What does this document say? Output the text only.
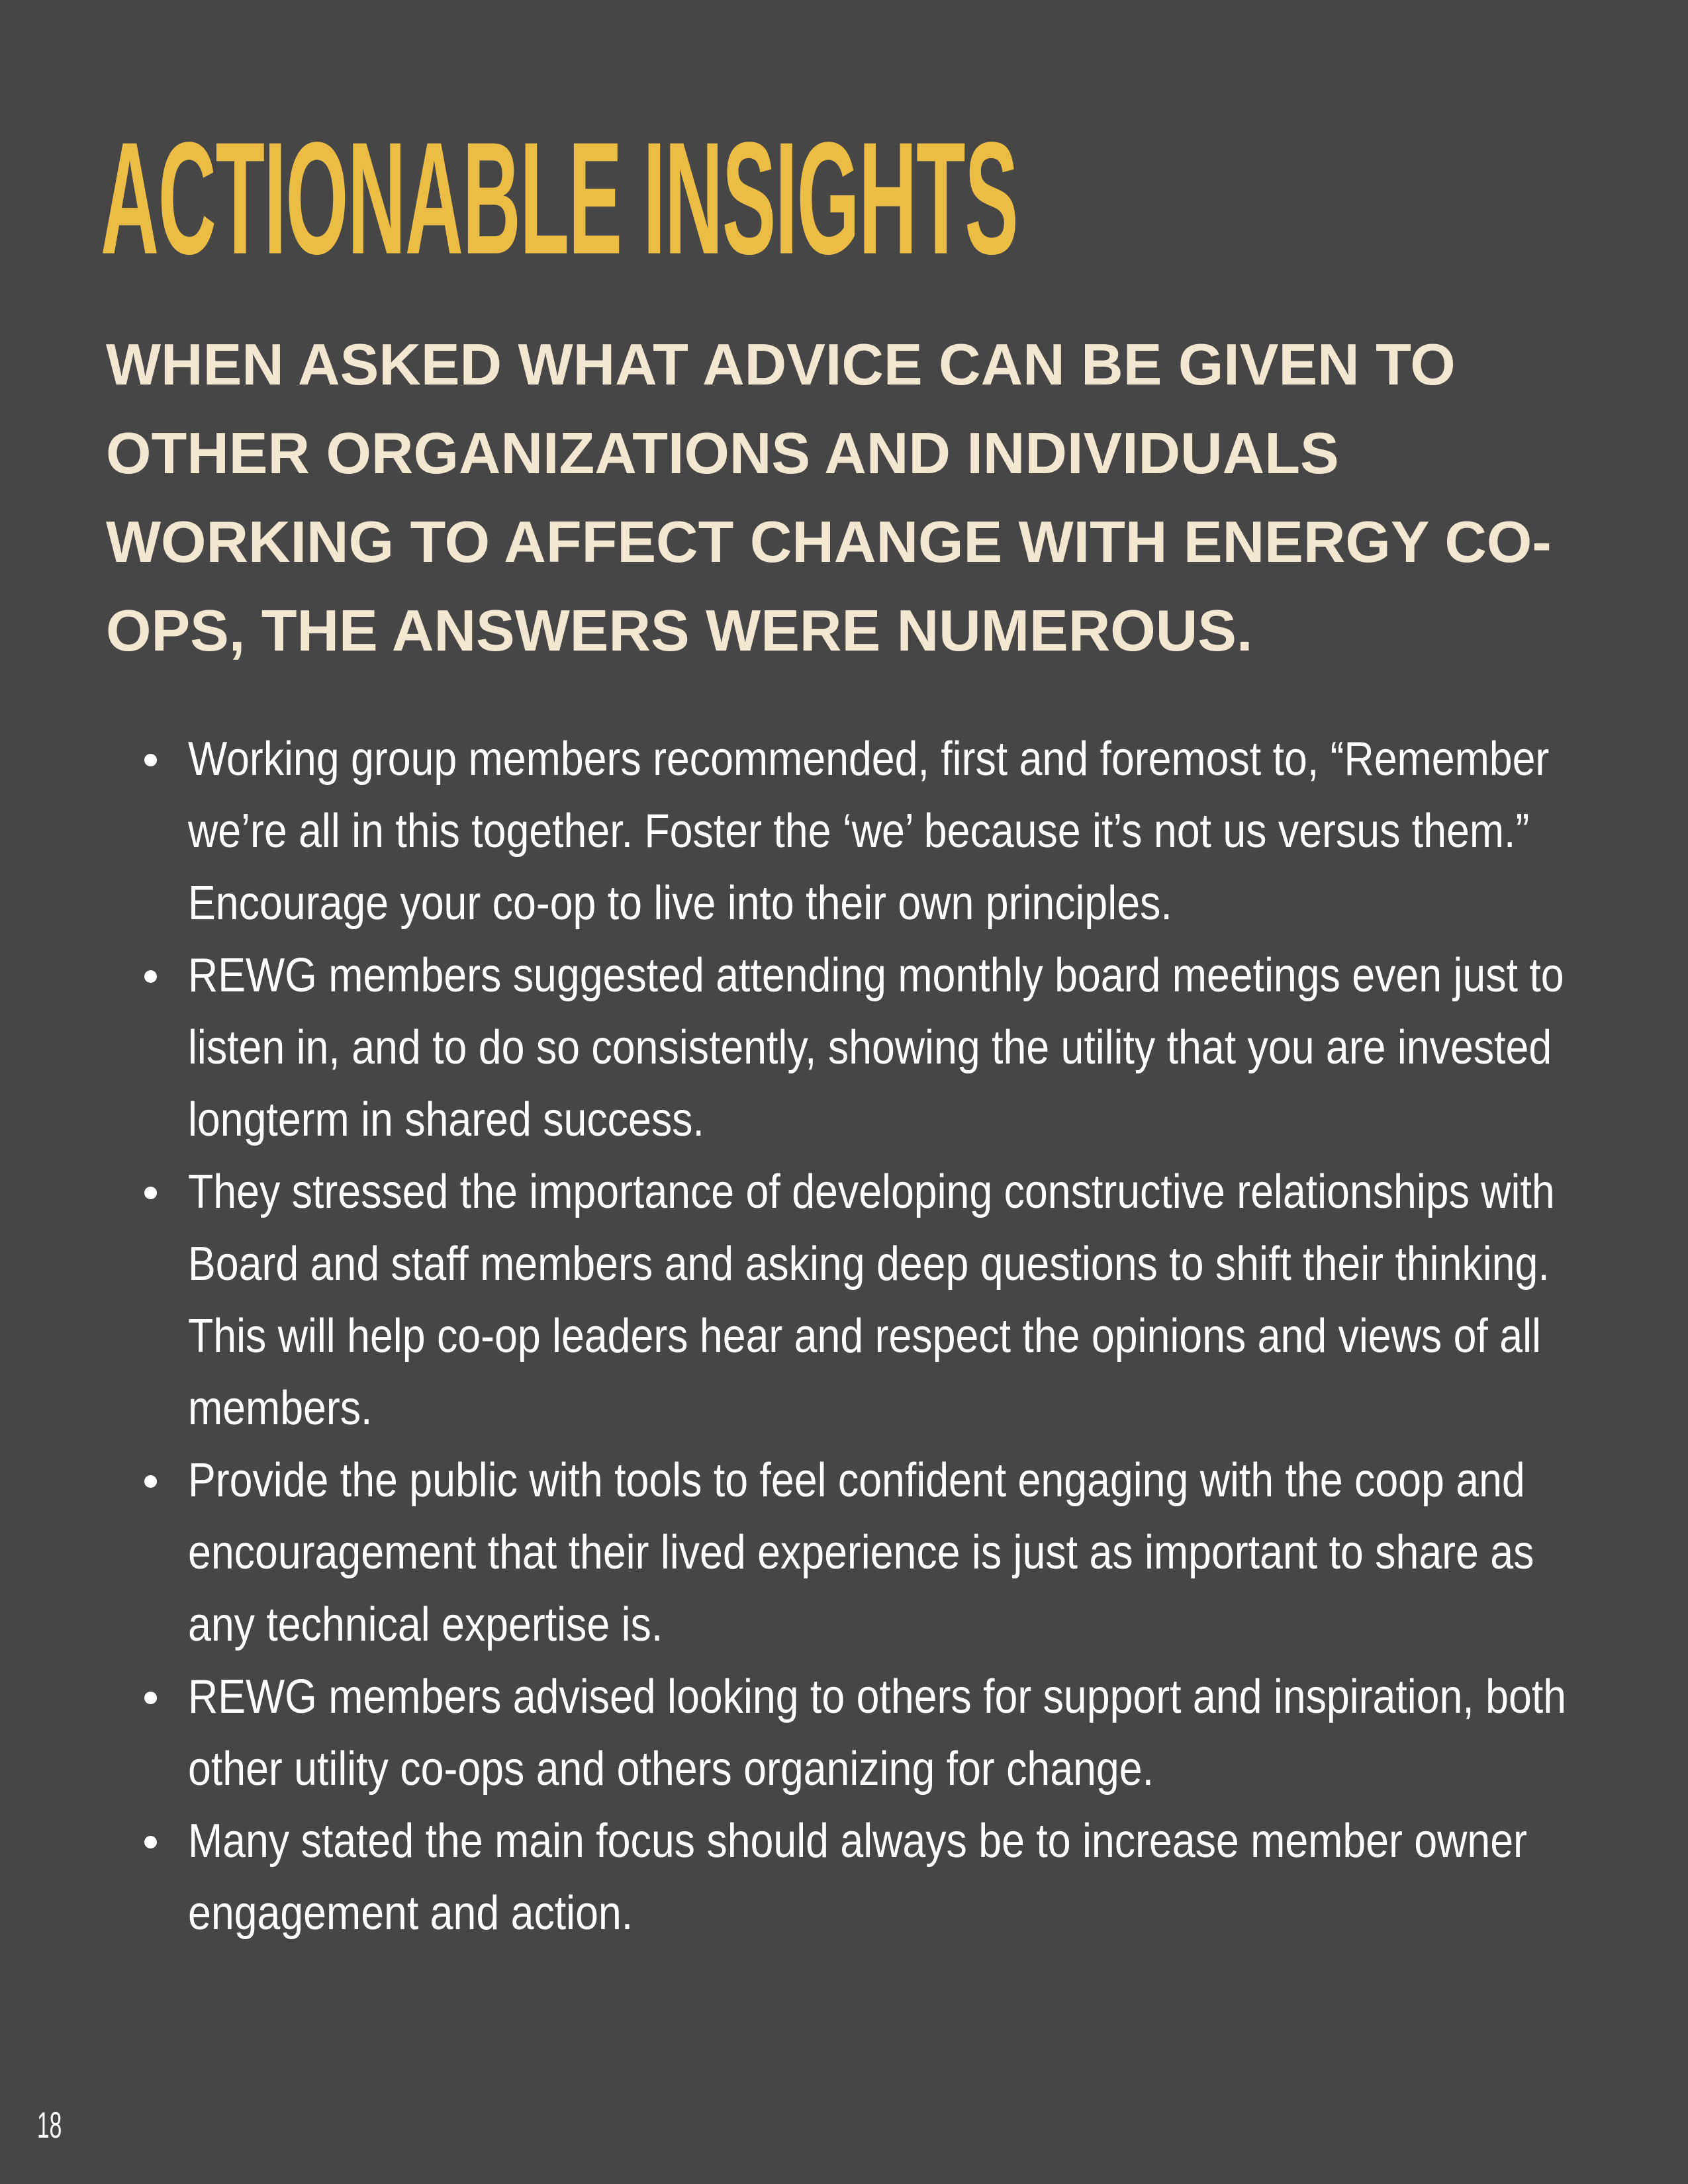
ACTIONABLE INSIGHTS
WHEN ASKED WHAT ADVICE CAN BE GIVEN TO OTHER ORGANIZATIONS AND INDIVIDUALS WORKING TO AFFECT CHANGE WITH ENERGY CO-OPS, THE ANSWERS WERE NUMEROUS.
Working group members recommended, first and foremost to, “Remember we’re all in this together. Foster the ‘we’ because it’s not us versus them.” Encourage your co-op to live into their own principles.
REWG members suggested attending monthly board meetings even just to listen in, and to do so consistently, showing the utility that you are invested longterm in shared success.
They stressed the importance of developing constructive relationships with Board and staff members and asking deep questions to shift their thinking. This will help co-op leaders hear and respect the opinions and views of all members.
Provide the public with tools to feel confident engaging with the coop and encouragement that their lived experience is just as important to share as any technical expertise is.
REWG members advised looking to others for support and inspiration, both other utility co-ops and others organizing for change.
Many stated the main focus should always be to increase member owner engagement and action.
18
